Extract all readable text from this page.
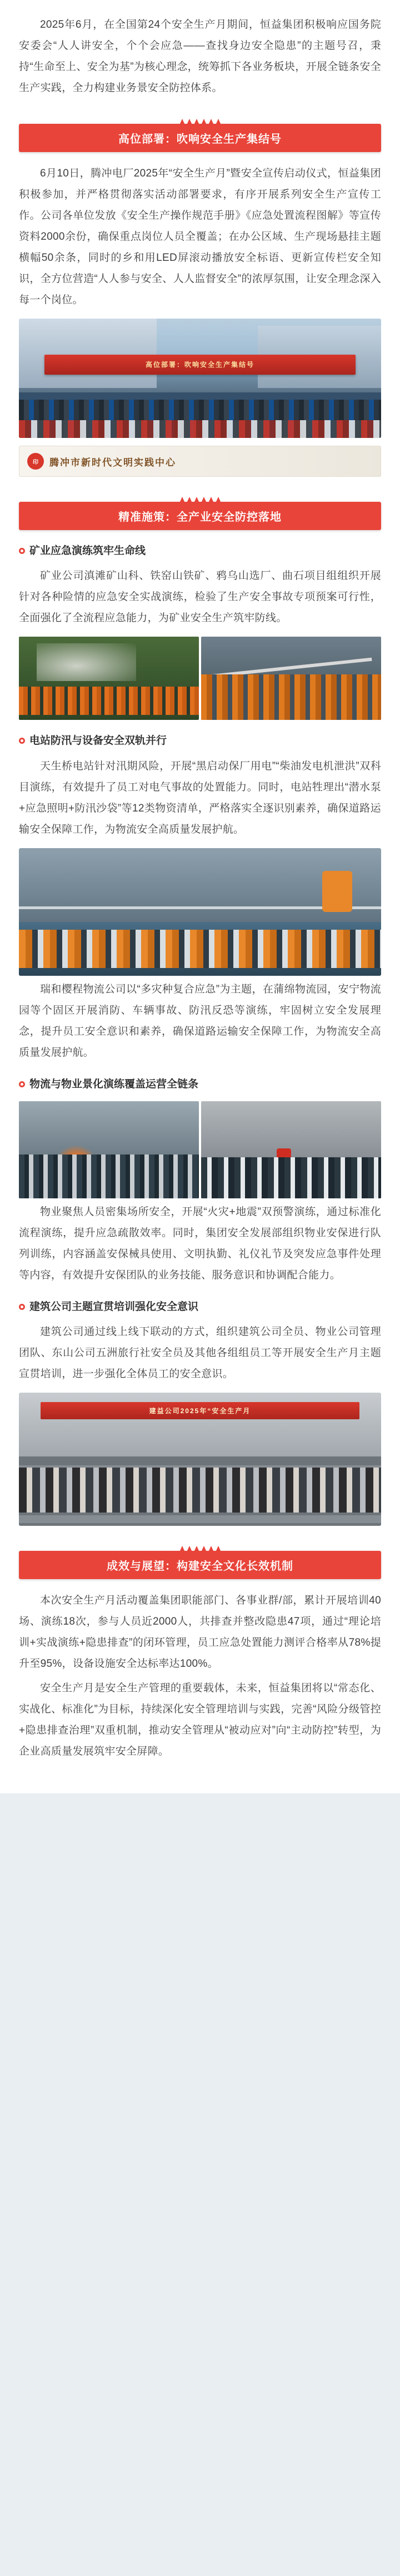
2025年6月，在全国第24个安全生产月期间，恒益集团积极响应国务院安委会“人人讲安全，个个会应急——查找身边安全隐患”的主题号召，秉持“生命至上、安全为基”为核心理念，统筹抓下各业务板块，开展全链条安全生产实践，全力构建业务景安全防控体系。

高位部署：吹响安全生产集结号

6月10日，腾冲电厂2025年“安全生产月”暨安全宣传启动仪式，恒益集团积极参加，并严格贯彻落实活动部署要求，有序开展系列安全生产宣传工作。公司各单位发放《安全生产操作规范手册》《应急处置流程图解》等宣传资料2000余份，确保重点岗位人员全覆盖；在办公区域、生产现场悬挂主题横幅50余条，同时的乡和用LED屏滚动播放安全标语、更新宣传栏安全知识，全方位营造“人人参与安全、人人监督安全”的浓厚氛围，让安全理念深入每一个岗位。

高位部署：吹响安全生产集结号
印	腾冲市新时代文明实践中心
精准施策：全产业安全防控落地
矿业应急演练筑牢生命线

矿业公司滇滩矿山科、铁窑山铁矿、鸦乌山选厂、曲石项目组组织开展针对各种险情的应急安全实战演练，检验了生产安全事故专项预案可行性，全面强化了全流程应急能力，为矿业安全生产筑牢防线。

电站防汛与设备安全双轨并行

天生桥电站针对汛期风险，开展“黑启动保厂用电”“柴油发电机泄洪”双科目演练，有效提升了员工对电气事故的处置能力。同时，电站牲理出“潜水泵+应急照明+防汛沙袋”等12类物资清单，严格落实全逐识别素养，确保道路运输安全保障工作，为物流安全高质量发展护航。

瑞和樱程物流公司以“多灾种复合应急”为主题，在蒲绵物流园，安宁物流园等个固区开展消防、车辆事故、防汛反恐等演练，牢固树立安全发展理念，提升员工安全意识和素养，确保道路运输安全保障工作，为物流安全高质量发展护航。

物流与物业景化演练覆盖运营全链条

物业聚焦人员密集场所安全，开展“火灾+地震”双预警演练，通过标准化流程演练，提升应急疏散效率。同时，集团安全发展部组织物业安保进行队列训练，内容涵盖安保械具使用、文明执勤、礼仪礼节及突发应急事件处理等内容，有效提升安保团队的业务技能、服务意识和协调配合能力。

建筑公司主题宣贯培训强化安全意识

建筑公司通过线上线下联动的方式，组织建筑公司全员、物业公司管理团队、东山公司五洲旅行社安全员及其他各组组员工等开展安全生产月主题宣贯培训，进一步强化全体员工的安全意识。

建益公司2025年“安全生产月
成效与展望：构建安全文化长效机制

本次安全生产月活动覆盖集团职能部门、各事业群/部，累计开展培训40场、演练18次，参与人员近2000人，共排查并整改隐患47项，通过“理论培训+实战演练+隐患排查”的闭环管理，员工应急处置能力测评合格率从78%提升至95%，设备设施安全达标率达100%。

安全生产月是安全生产管理的重要载体，未来，恒益集团将以“常态化、实战化、标准化”为目标，持续深化安全管理培训与实践，完善“风险分级管控+隐患排查治理”双重机制，推动安全管理从“被动应对”向“主动防控”转型，为企业高质量发展筑牢安全屏障。
